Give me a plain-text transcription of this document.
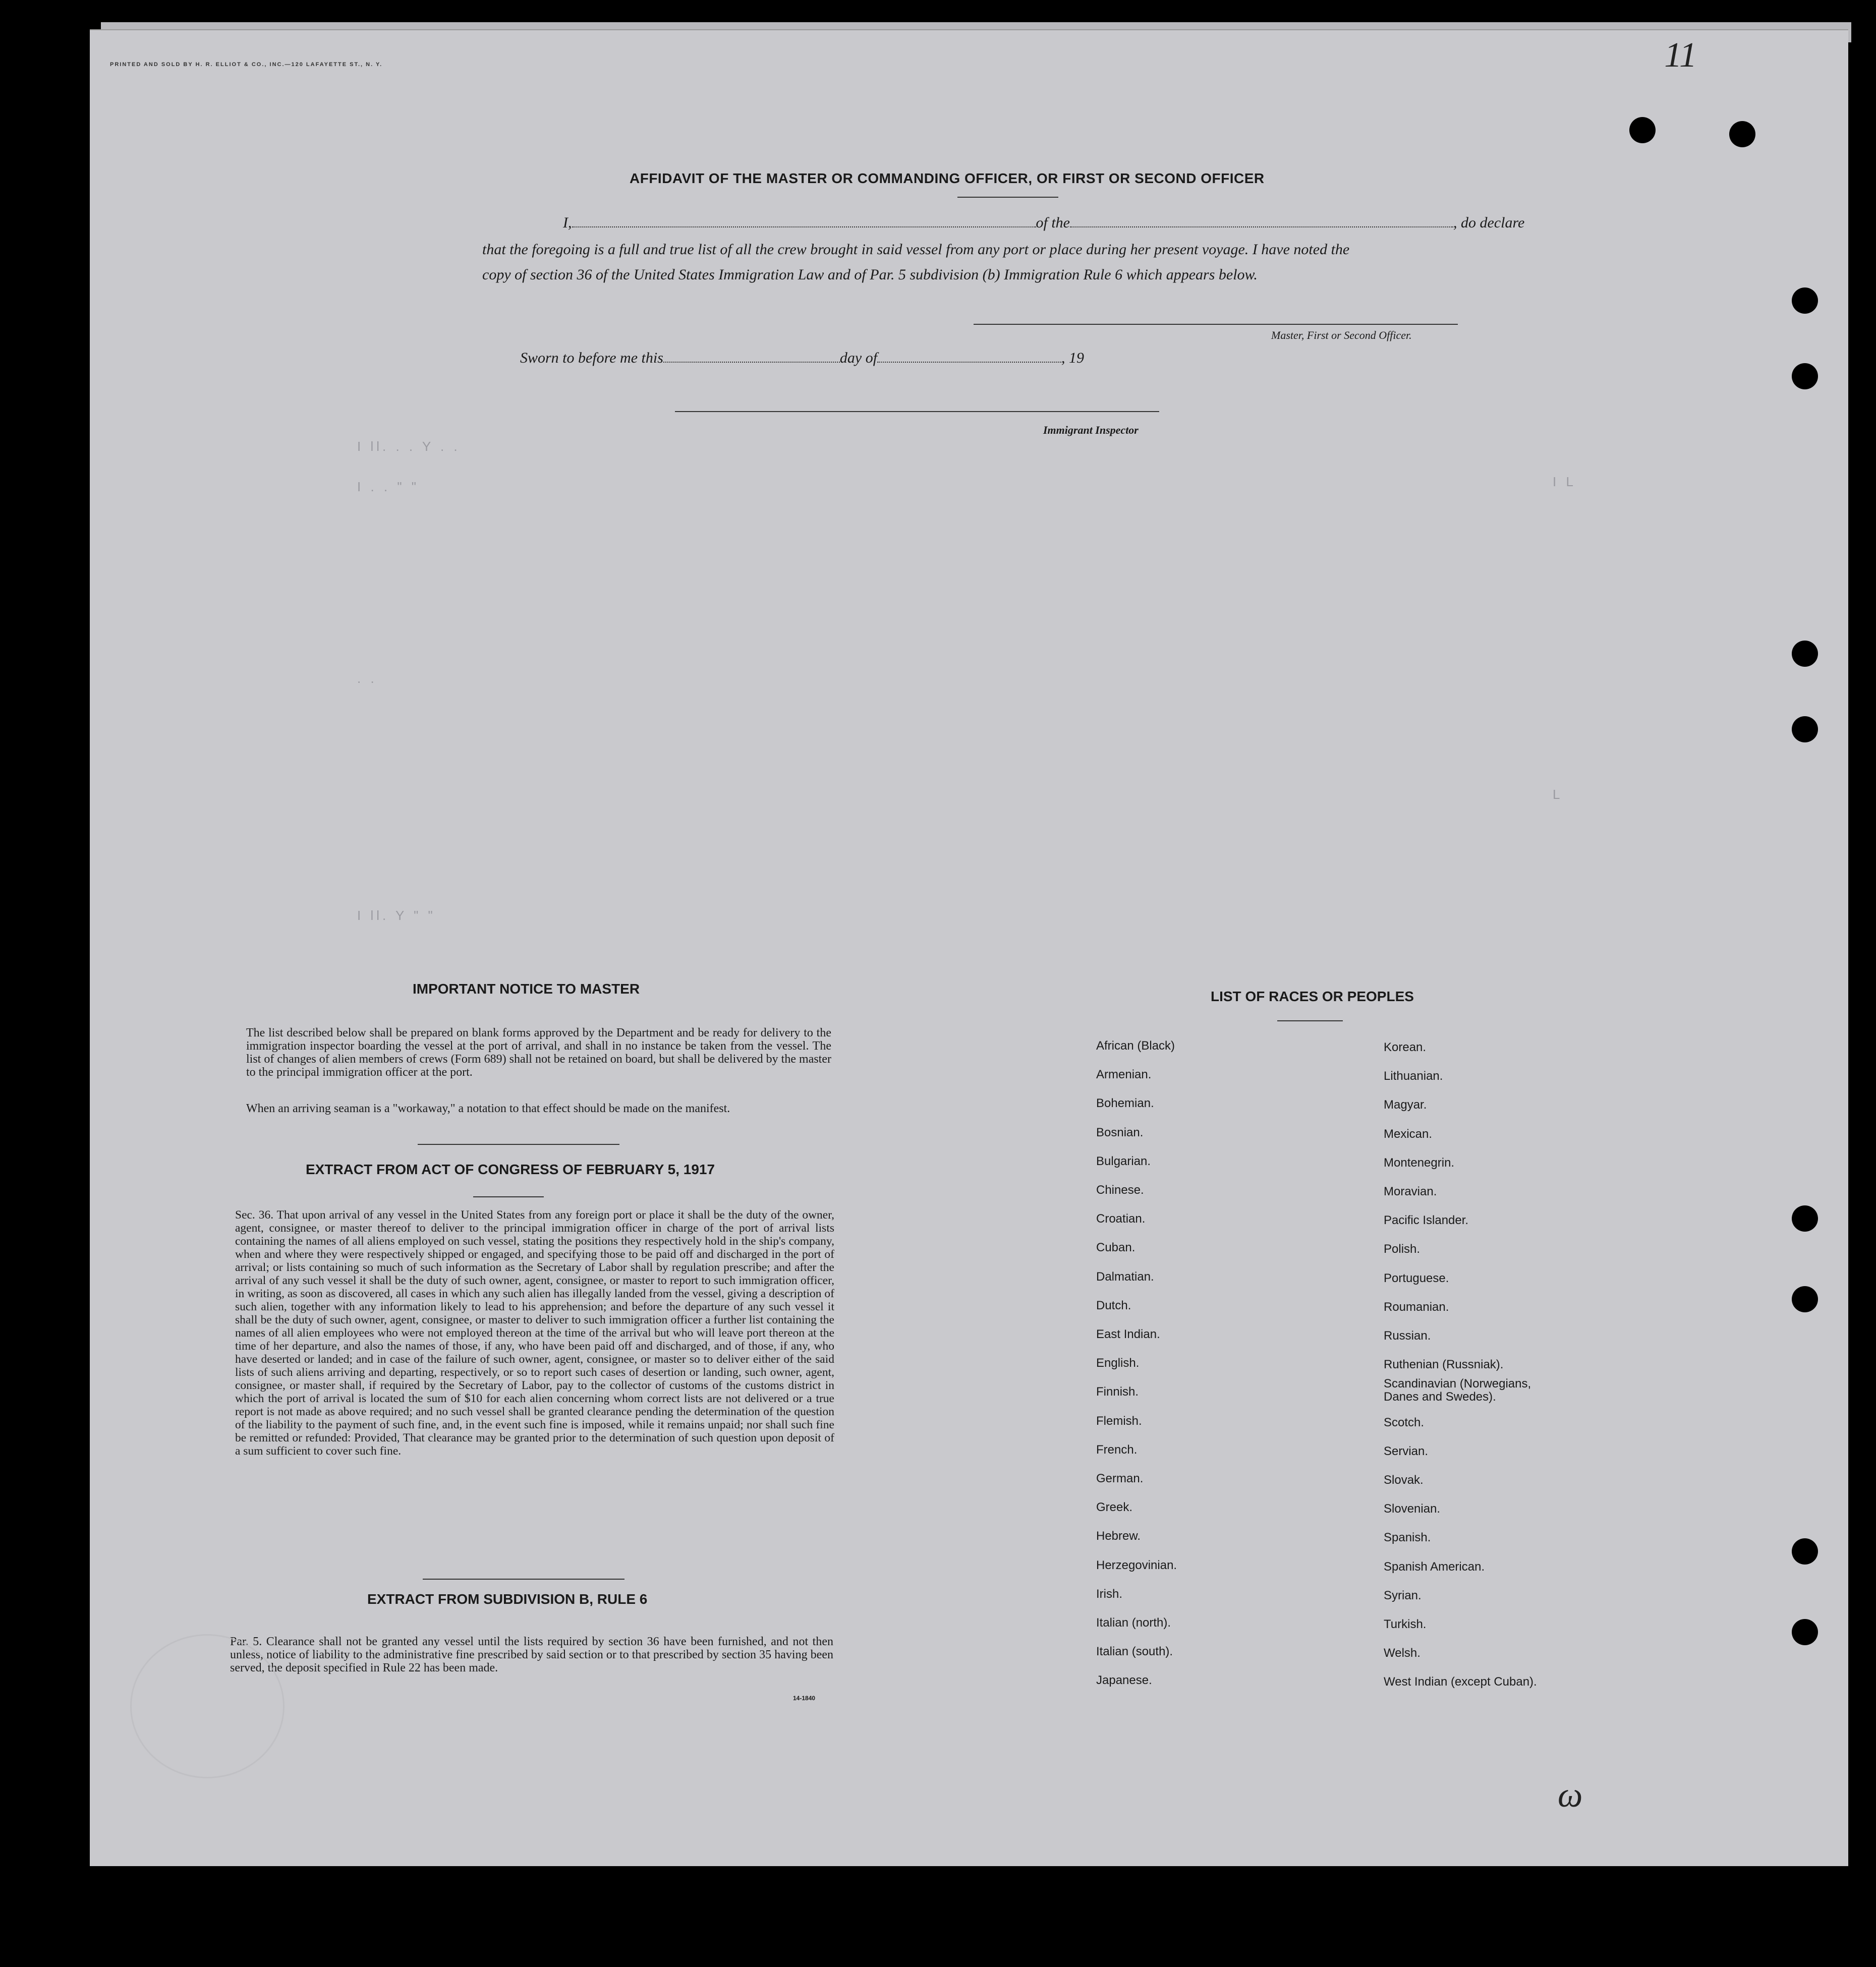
PRINTED AND SOLD BY H. R. ELLIOT & CO., INC.—120 LAFAYETTE ST., N. Y.	11
I ll. . . Y . .
I . . " "
. .
I ll. Y " "
I L
L
AFFIDAVIT OF THE MASTER OR COMMANDING OFFICER, OR FIRST OR SECOND OFFICER
I,	of the	, do declare
that the foregoing is a full and true list of all the crew brought in said vessel from any port or place during her present voyage. I have noted the
copy of section 36 of the United States Immigration Law and of Par. 5 subdivision (b) Immigration Rule 6 which appears below.
Master, First or Second Officer.
Sworn to before me this	day of	, 19
Immigrant Inspector
IMPORTANT NOTICE TO MASTER
The list described below shall be prepared on blank forms approved by the Department and be ready for delivery to the immigration inspector boarding the vessel at the port of arrival, and shall in no instance be taken from the vessel. The list of changes of alien members of crews (Form 689) shall not be retained on board, but shall be delivered by the master to the principal immigration officer at the port.
When an arriving seaman is a "workaway," a notation to that effect should be made on the manifest.
EXTRACT FROM ACT OF CONGRESS OF FEBRUARY 5, 1917
Sec. 36. That upon arrival of any vessel in the United States from any foreign port or place it shall be the duty of the owner, agent, consignee, or master thereof to deliver to the principal immigration officer in charge of the port of arrival lists containing the names of all aliens employed on such vessel, stating the positions they respectively hold in the ship's company, when and where they were respectively shipped or engaged, and specifying those to be paid off and discharged in the port of arrival; or lists containing so much of such information as the Secretary of Labor shall by regulation prescribe; and after the arrival of any such vessel it shall be the duty of such owner, agent, consignee, or master to report to such immigration officer, in writing, as soon as discovered, all cases in which any such alien has illegally landed from the vessel, giving a description of such alien, together with any information likely to lead to his apprehension; and before the departure of any such vessel it shall be the duty of such owner, agent, consignee, or master to deliver to such immigration officer a further list containing the names of all alien employees who were not employed thereon at the time of the arrival but who will leave port thereon at the time of her departure, and also the names of those, if any, who have been paid off and discharged, and of those, if any, who have deserted or landed; and in case of the failure of such owner, agent, consignee, or master so to deliver either of the said lists of such aliens arriving and departing, respectively, or so to report such cases of desertion or landing, such owner, agent, consignee, or master shall, if required by the Secretary of Labor, pay to the collector of customs of the customs district in which the port of arrival is located the sum of $10 for each alien concerning whom correct lists are not delivered or a true report is not made as above required; and no such vessel shall be granted clearance pending the determination of the question of the liability to the payment of such fine, and, in the event such fine is imposed, while it remains unpaid; nor shall such fine be remitted or refunded: Provided, That clearance may be granted prior to the determination of such question upon deposit of a sum sufficient to cover such fine.
EXTRACT FROM SUBDIVISION B, RULE 6
Par. 5. Clearance shall not be granted any vessel until the lists required by section 36 have been furnished, and not then unless, notice of liability to the administrative fine prescribed by said section or to that prescribed by section 35 having been served, the deposit specified in Rule 22 has been made.
14-1840
LIST OF RACES OR PEOPLES
African (Black)
Armenian.
Bohemian.
Bosnian.
Bulgarian.
Chinese.
Croatian.
Cuban.
Dalmatian.
Dutch.
East Indian.
English.
Finnish.
Flemish.
French.
German.
Greek.
Hebrew.
Herzegovinian.
Irish.
Italian (north).
Italian (south).
Japanese.
Korean.
Lithuanian.
Magyar.
Mexican.
Montenegrin.
Moravian.
Pacific Islander.
Polish.
Portuguese.
Roumanian.
Russian.
Ruthenian (Russniak).
Scandinavian (Norwegians, Danes and Swedes).
Scotch.
Servian.
Slovak.
Slovenian.
Spanish.
Spanish American.
Syrian.
Turkish.
Welsh.
West Indian (except Cuban).
ω
